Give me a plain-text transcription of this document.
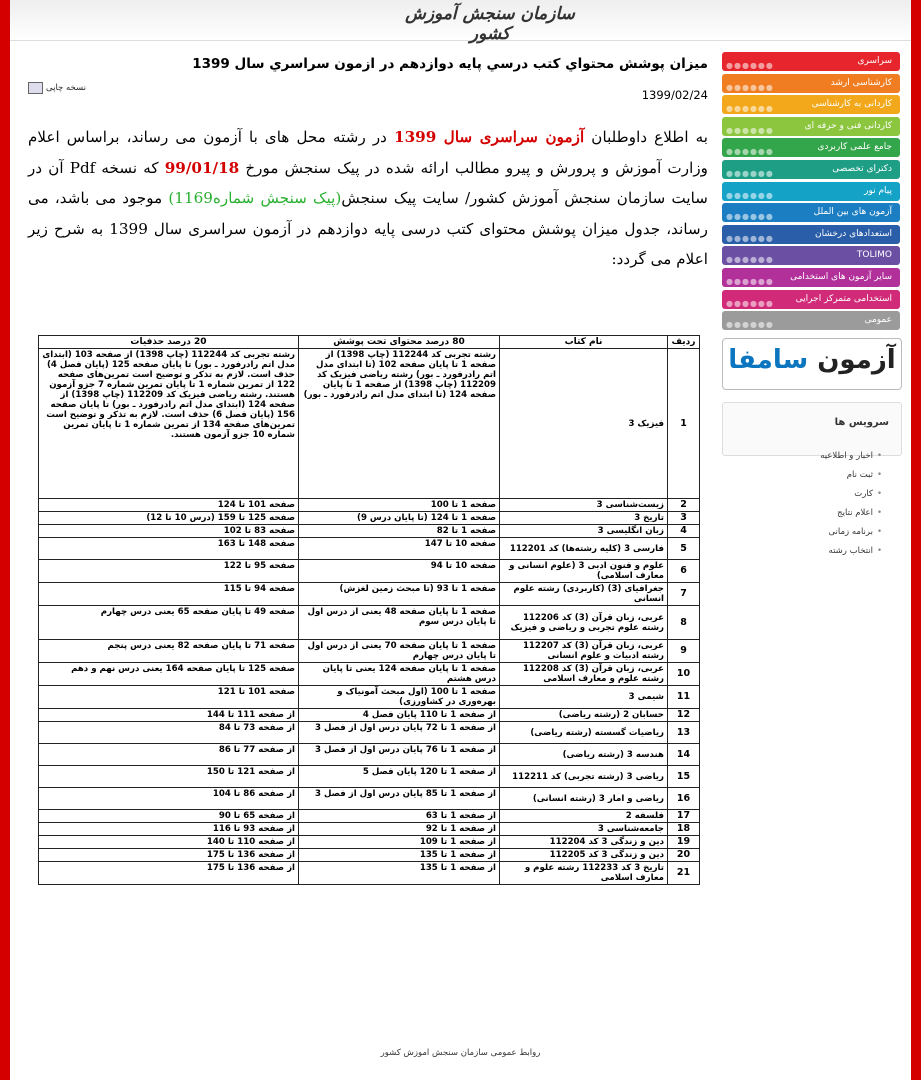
سازمان سنجش آموزش کشور
میزان پوشش محتواي كتب درسي پايه دوازدهم در ازمون سراسري سال 1399
نسخه چاپی	1399/02/24
به اطلاع داوطلبان آزمون سراسری سال 1399 در رشته محل های با آزمون می رساند، براساس اعلام وزارت آموزش و پرورش و پیرو مطالب ارائه شده در پیک سنجش مورخ 99/01/18 که نسخه Pdf آن در سایت سازمان سنجش آموزش کشور/ سایت پیک سنجش(پیک سنجش شماره1169) موجود می باشد، می رساند، جدول میزان پوشش محتوای کتب درسی پایه دوازدهم در آزمون سراسری سال 1399 به شرح زیر اعلام می گردد:
ردیف	نام کتاب	80 درصد محتوای تحت پوشش	20 درصد حذفیات
1	فیزیک 3	رشته تجربی کد 112244 (چاپ 1398) از صفحه 1 تا پایان صفحه 102 (تا ابتدای مدل اتم رادرفورد ـ بور) رشته ریاضی فیزیک کد 112209 (چاپ 1398) از صفحه 1 تا پایان صفحه 124 (تا ابتدای مدل اتم رادرفورد ـ بور)	رشته تجربی کد 112244 (چاپ 1398) از صفحه 103 (ابتدای مدل اتم رادرفورد ـ بور) تا پایان صفحه 125 (پایان فصل 4) حذف است. لازم به تذکر و توضیح است تمرین‌های صفحه 122 از تمرین شماره 1 تا پایان تمرین شماره 7 جزو آزمون هستند. رشته ریاضی فیزیک کد 112209 (چاپ 1398) از صفحه 124 (ابتدای مدل اتم رادرفورد ـ بور) تا پایان صفحه 156 (پایان فصل 6) حذف است. لازم به تذکر و توضیح است تمرین‌های صفحه 134 از تمرین شماره 1 تا پایان تمرین شماره 10 جزو آزمون هستند.
2	زیست‌شناسی 3	صفحه 1 تا 100	صفحه 101 تا 124
3	تاریخ 3	صفحه 1 تا 124 (تا پایان درس 9)	صفحه 125 تا 159 (درس 10 تا 12)
4	زبان انگلیسی 3	صفحه 1 تا 82	صفحه 83 تا 102
5	فارسی 3 (کلیه رشته‌ها) کد 112201	صفحه 10 تا 147	صفحه 148 تا 163
6	علوم و فنون ادبی 3 (علوم انسانی و معارف اسلامی)	صفحه 10 تا 94	صفحه 95 تا 122
7	جغرافیای (3) (کاربردی) رشته علوم انسانی	صفحه 1 تا 93 (تا مبحث زمین لغزش)	صفحه 94 تا 115
8	عربی، زبان قرآن (3) کد 112206 رشته علوم تجربی و ریاضی و فیزیک	صفحه 1 تا پایان صفحه 48 یعنی از درس اول تا پایان درس سوم	صفحه 49 تا پایان صفحه 65 یعنی درس چهارم
9	عربی، زبان قرآن (3) کد 112207 رشته ادبیات و علوم انسانی	صفحه 1 تا پایان صفحه 70 یعنی از درس اول تا پایان درس چهارم	صفحه 71 تا پایان صفحه 82 یعنی درس پنجم
10	عربی، زبان قرآن (3) کد 112208 رشته علوم و معارف اسلامی	صفحه 1 تا پایان صفحه 124 یعنی تا پایان درس هشتم	صفحه 125 تا پایان صفحه 164 یعنی درس نهم و دهم
11	شیمی 3	صفحه 1 تا 100 (اول مبحث آمونیاک و بهره‌وری در کشاورزی)	صفحه 101 تا 121
12	حسابان 2 (رشته ریاضی)	از صفحه 1 تا 110 پایان فصل 4	از صفحه 111 تا 144
13	ریاضیات گسسته (رشته ریاضی)	از صفحه 1 تا 72 پایان درس اول از فصل 3	از صفحه 73 تا 84
14	هندسه 3 (رشته ریاضی)	از صفحه 1 تا 76 پایان درس اول از فصل 3	از صفحه 77 تا 86
15	ریاضی 3 (رشته تجربی) کد 112211	از صفحه 1 تا 120 پایان فصل 5	از صفحه 121 تا 150
16	ریاضی و امار 3 (رشته انسانی)	از صفحه 1 تا 85 پایان درس اول از فصل 3	از صفحه 86 تا 104
17	فلسفه 2	از صفحه 1 تا 63	از صفحه 65 تا 90
18	جامعه‌شناسی 3	از صفحه 1 تا 92	از صفحه 93 تا 116
19	دین و زندگی 3 کد 112204	از صفحه 1 تا 109	از صفحه 110 تا 140
20	دین و زندگی 3 کد 112205	از صفحه 1 تا 135	از صفحه 136 تا 175
21	تاریخ 3 کد 112233 رشته علوم و معارف اسلامی	از صفحه 1 تا 135	از صفحه 136 تا 175
●●●●●●	سراسری
●●●●●●	کارشناسی ارشد
●●●●●●	کاردانی به کارشناسی
●●●●●●	کاردانی فنی و حرفه ای
●●●●●●	جامع علمی کاربردی
●●●●●●	دکترای تخصصی
●●●●●●	پیام نور
●●●●●●	آزمون های بین الملل
●●●●●●	استعدادهای درخشان
●●●●●●	TOLIMO
●●●●●● سایر آزمون های استخدامی
●●●●●● استخدامی متمرکز اجرایی
●●●●●●	عمومی
آزمون سامفا
سرویس ها
• اخبار و اطلاعیه
• ثبت نام
• کارت
• اعلام نتایج
• برنامه زمانی
• انتخاب رشته
روابط عمومی سازمان سنجش اموزش کشور
